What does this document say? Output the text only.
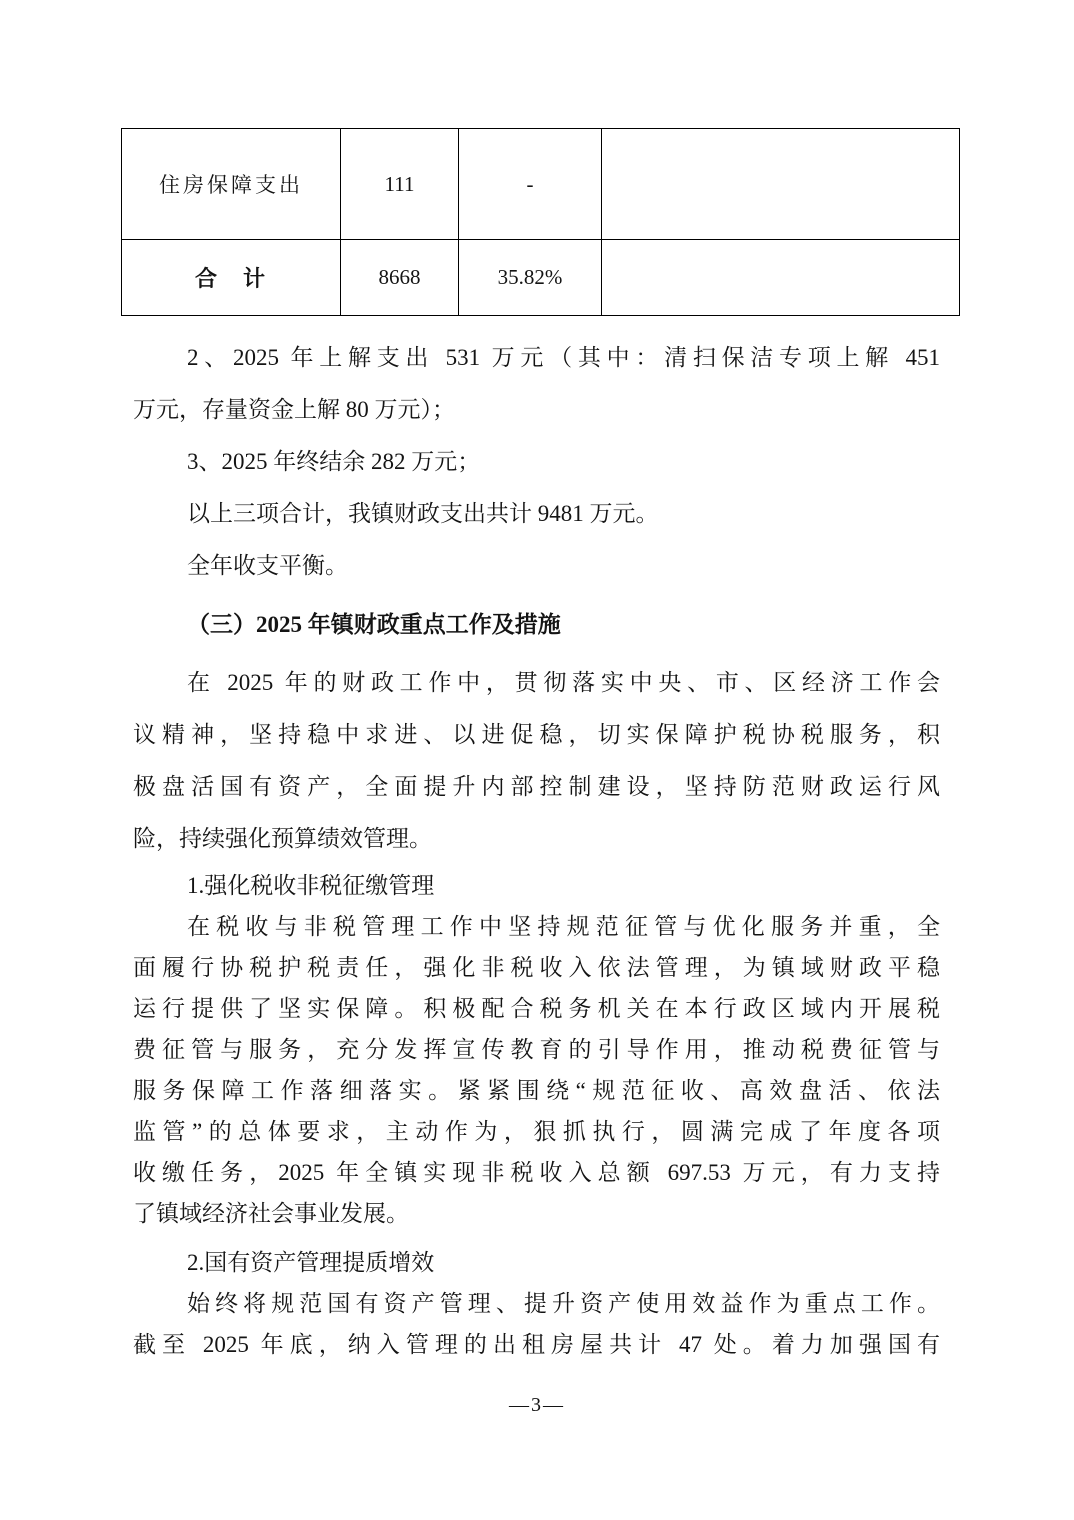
住房保障支出	111	-	
合　计	8668	35.82%	
2、2025 年上解支出 531 万元（其中：清扫保洁专项上解 451
万元，存量资金上解 80 万元）；
3、2025 年终结余 282 万元；
以上三项合计，我镇财政支出共计 9481 万元。
全年收支平衡。
（三）2025 年镇财政重点工作及措施
在 2025 年的财政工作中，贯彻落实中央、市、区经济工作会
议精神，坚持稳中求进、以进促稳，切实保障护税协税服务，积
极盘活国有资产，全面提升内部控制建设，坚持防范财政运行风
险，持续强化预算绩效管理。
1.强化税收非税征缴管理
在税收与非税管理工作中坚持规范征管与优化服务并重，全
面履行协税护税责任，强化非税收入依法管理，为镇域财政平稳
运行提供了坚实保障。积极配合税务机关在本行政区域内开展税
费征管与服务，充分发挥宣传教育的引导作用，推动税费征管与
服务保障工作落细落实。紧紧围绕“规范征收、高效盘活、依法
监管”的总体要求，主动作为，狠抓执行，圆满完成了年度各项
收缴任务，2025 年全镇实现非税收入总额 697.53 万元，有力支持
了镇域经济社会事业发展。
2.国有资产管理提质增效
始终将规范国有资产管理、提升资产使用效益作为重点工作。
截至 2025 年底，纳入管理的出租房屋共计 47 处。着力加强国有
—3—
